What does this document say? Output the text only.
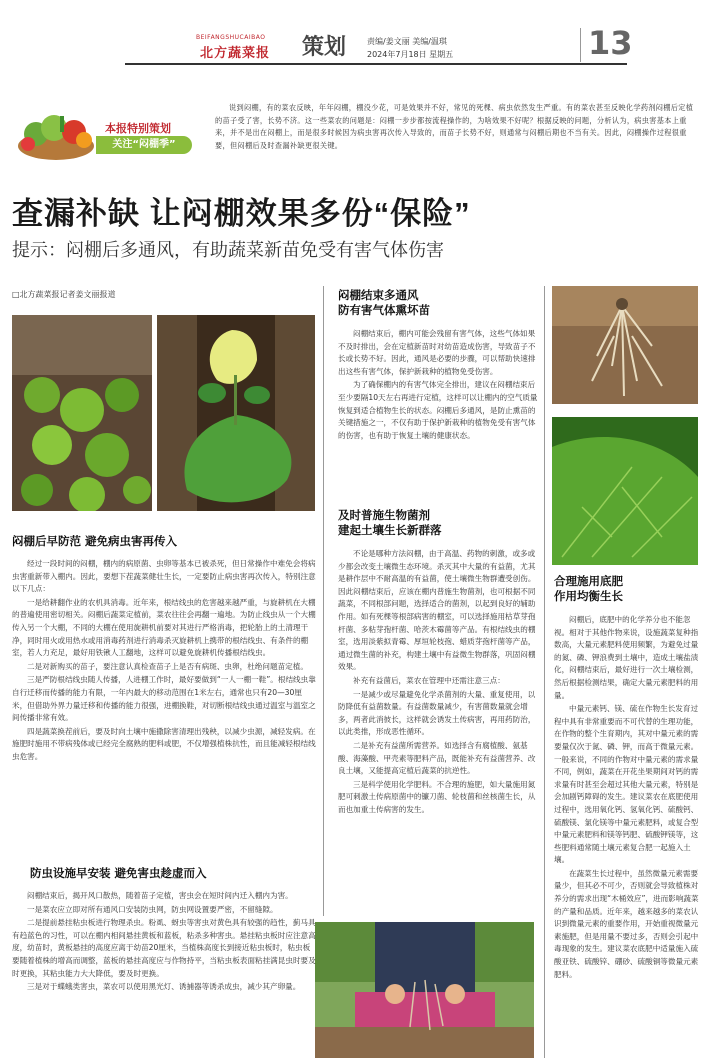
BEIFANGSHUCAIBAO
北方蔬菜报 策划	责编/姜文丽 美编/温琪
2024年7月18日 星期五	13
本报特别策划
关注“闷棚季”
说到闷棚，有的菜农反映，年年闷棚，棚没少花，可是效果并不好，常见的死棵、病虫依然发生严重。有的菜农甚至反映化学药剂闷棚后定植的苗子受了害，长势不济。这一些菜农的问题是：闷棚一步步都按流程操作的，为啥效果不好呢？根据反映的问题，分析认为，病虫害基本上重来，并不是出在闷棚上，而是很多时候因为病虫害再次传入导致的，而苗子长势不好，则通常与闷棚后期也不当有关。因此，闷棚操作过程很重要，但闷棚后及时查漏补缺更很关键。
查漏补缺 让闷棚效果多份“保险”
提示：闷棚后多通风，有助蔬菜新苗免受有害气体伤害
□北方蔬菜报记者姜文丽报道
闷棚后早防范 避免病虫害再传入

经过一段时间的闷棚，棚内的病原菌、虫卵等基本已被杀死，但日常操作中难免会将病虫害重新带入棚内。因此，要想下茬蔬菜健壮生长，一定要防止病虫害再次传入，特别注意以下几点：

一是给耕翻作业的农机具消毒。近年来，根结线虫的危害越来越严重，与旋耕机在大棚的普遍使用密切相关。闷棚后蔬菜定植前，菜农往往会再翻一遍地。为防止线虫从一个大棚传入另一个大棚，不同的大棚在使用旋耕机前要对其进行严格消毒，把轮胎上的土清理干净，同时用火或用热水或用消毒药剂进行消毒杀灭旋耕机上携带的根结线虫、有条件的棚室，若人力充足，最好用铁锹人工翻地，这样可以避免旋耕机传播根结线虫。

二是对新购买的苗子，要注意认真检查苗子上是否有病斑、虫卵，杜绝问题苗定植。

三是严防根结线虫随人传播，人进棚工作时，最好要做到“一人一棚一鞋”。根结线虫靠自行迁移而传播的能力有限，一年内最大的移动范围在1米左右，通常也只有20—30厘米，但借助外界力量迁移和传播的能力很强，进棚换鞋，对切断根结线虫通过温室与温室之间传播非常有效。

四是蔬菜换茬前后，要及时向土壤中施撒除害清理出残秧，以减少虫源，减轻发病。在施肥时施用不带病残体或已经完全腐熟的肥料或肥，不仅增强植株抗性，而且能减轻根结线虫危害。

防虫设施早安装 避免害虫趁虚而入

闷棚结束后，揭开风口散热，随着苗子定植，害虫会在短时间内迁入棚内为害。

一是菜农应立即对所有通风口安装防虫网，防虫网设置要严密，不留缝隙。

二是提前悬挂粘虫板进行物理杀虫。粉虱、蚜虫等害虫对黄色具有较强的趋性，蓟马具有趋蓝色的习性，可以在棚内相间悬挂黄板和蓝板，粘杀多种害虫。悬挂粘虫板时应注意高度，幼苗时，黄板悬挂的高度应离于幼苗20厘米，当植株高度长到接近粘虫板时，粘虫板要随着植株的增高而调整，蓝板的悬挂高度应与作物持平，当粘虫板表面粘挂满昆虫时要及时更换，其粘虫能力大大降低，要及时更换。

三是对于蝶蛾类害虫，菜农可以使用黑光灯、诱捕器等诱杀成虫，减少其产卵量。

闷棚结束多通风
防有害气体熏坏苗

闷棚结束后，棚内可能会残留有害气体，这些气体如果不及时排出，会在定植新苗时对幼苗造成伤害，导致苗子不长或长势不好。因此，通风是必要的步骤，可以帮助快速排出这些有害气体，保护新栽种的植物免受伤害。

为了确保棚内的有害气体完全排出，建议在闷棚结束后至少要隔10天左右再进行定植，这样可以让棚内的空气质量恢复到适合植物生长的状态。闷棚后多通风，是防止熏苗的关键措施之一，不仅有助于保护新栽种的植物免受有害气体的伤害，也有助于恢复土壤的健康状态。

及时普施生物菌剂
建起土壤生长新群落

不论是哪种方法闷棚，由于高温、药物的刺激，或多或少都会改变土壤微生态环境。杀灭其中大量的有益菌，尤其是耕作层中不耐高温的有益菌，使土壤微生物群遭受创伤。因此闷棚结束后，应该在棚内普施生物菌剂，也可根据不同蔬菜，不同根部问题，选择适合的菌剂，以起到良好的辅助作用。如有死棵等根部病害的棚室，可以选择施用枯草芽孢杆菌、多粘芽孢杆菌、哈茨木霉菌等产品。有根结线虫的棚室，选用淡紫拟青霉、厚垣轮枝孢、蜡质芽孢杆菌等产品，通过微生菌的补充，构建土壤中有益微生物群落，巩固闷棚效果。

补充有益菌后，菜农在管理中还需注意三点：

一是减少或尽量避免化学杀菌剂的大量、重复使用，以防降低有益菌数量。有益菌数量减少，有害菌数量就会增多，两者此消彼长，这样就会诱发土传病害，再用药防治，以此类推，形成恶性循环。

二是补充有益菌所需营养。如选择含有腐植酸、氨基酸、海藻酸、甲壳素等肥料产品，既能补充有益菌营养、改良土壤，又能提高定植后蔬菜的抗逆性。

三是科学使用化学肥料。不合理的施肥，如大量施用氮肥可刺激土传病原菌中的镰刀菌、轮枝菌和丝核菌生长，从而也加重土传病害的发生。

合理施用底肥
作用均衡生长

闷棚后，底肥中的化学养分也不能忽视。相对于其他作物来说，设施蔬菜复种指数高，大量元素肥料使用频繁，为避免过量的氮、磷、钾浪费到土壤中，造成土壤盐渍化，闷棚结束后，最好进行一次土壤检测，然后根据检测结果，确定大量元素肥料的用量。

中量元素钙、镁、硫在作物生长发育过程中具有非常重要而不可代替的生理功能，在作物的整个生育期内，其对中量元素的需要量仅次于氮、磷、钾，而高于微量元素。一般来说，不同的作物对中量元素的需求量不同，例如，蔬菜在开花坐果期间对钙的需求量有时甚至会超过其他大量元素，特别是会加剧钙障碍的发生。建议菜农在底肥使用过程中，选用氧化钙、氢氧化钙、硫酸钙、硫酸镁、氯化镁等中量元素肥料，或复合型中量元素肥料和镁等钙肥、硫酸钾镁等，这些肥料通常随土壤元素复合肥一起施入土壤。

在蔬菜生长过程中，虽然微量元素需要量少，但其必不可少，否则就会导致植株对养分的需求出现“木桶效应”，进而影响蔬菜的产量和品质。近年来，越来越多的菜农认识到微量元素的重要作用，开始重视微量元素施肥，但是用量不要过多，否则会引起中毒现象的发生。建议菜农底肥中适量施入硫酸亚铁、硫酸锌、硼砂、硫酸铜等微量元素肥料。
